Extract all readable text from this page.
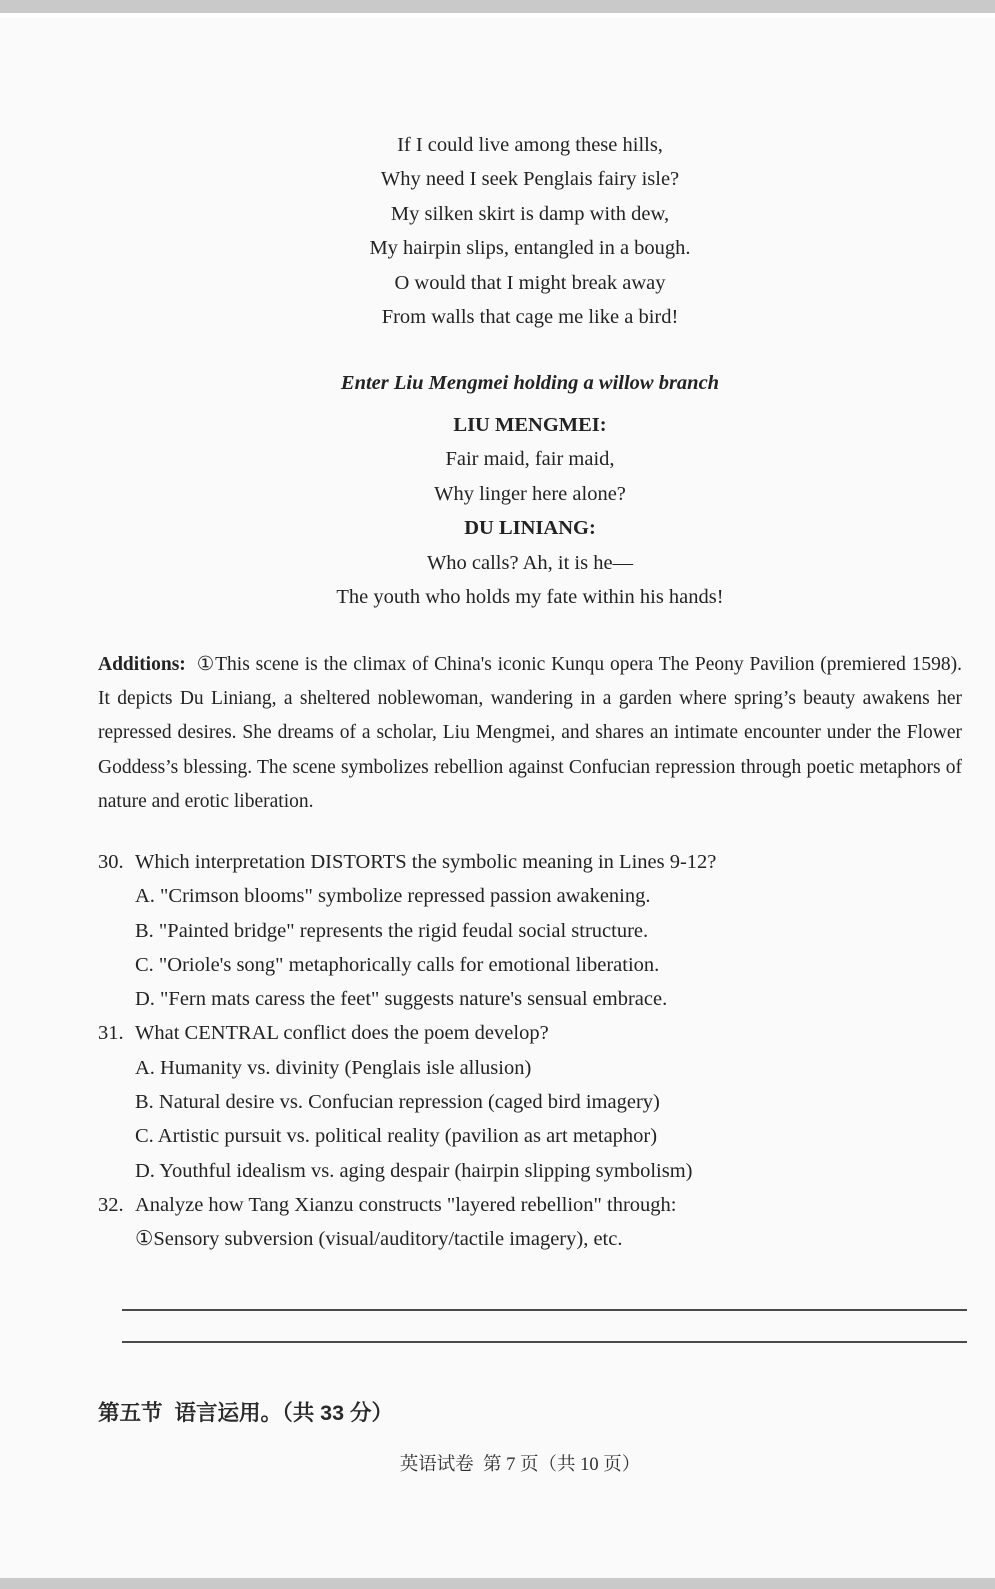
If I could live among these hills,
Why need I seek Penglais fairy isle?
My silken skirt is damp with dew,
My hairpin slips, entangled in a bough.
O would that I might break away
From walls that cage me like a bird!
Enter Liu Mengmei holding a willow branch
LIU MENGMEI:
Fair maid, fair maid,
Why linger here alone?
DU LINIANG:
Who calls? Ah, it is he—
The youth who holds my fate within his hands!

Additions: ①This scene is the climax of China's iconic Kunqu opera The Peony Pavilion (premiered 1598). It depicts Du Liniang, a sheltered noblewoman, wandering in a garden where spring’s beauty awakens her repressed desires. She dreams of a scholar, Liu Mengmei, and shares an intimate encounter under the Flower Goddess’s blessing. The scene symbolizes rebellion against Confucian repression through poetic metaphors of nature and erotic liberation.

30. Which interpretation DISTORTS the symbolic meaning in Lines 9-12?
A. "Crimson blooms" symbolize repressed passion awakening.
B. "Painted bridge" represents the rigid feudal social structure.
C. "Oriole's song" metaphorically calls for emotional liberation.
D. "Fern mats caress the feet" suggests nature's sensual embrace.
31. What CENTRAL conflict does the poem develop?
A. Humanity vs. divinity (Penglais isle allusion)
B. Natural desire vs. Confucian repression (caged bird imagery)
C. Artistic pursuit vs. political reality (pavilion as art metaphor)
D. Youthful idealism vs. aging despair (hairpin slipping symbolism)
32. Analyze how Tang Xianzu constructs "layered rebellion" through:
①Sensory subversion (visual/auditory/tactile imagery), etc.
第五节  语言运用。（共 33 分）
英语试卷  第 7 页（共 10 页）
